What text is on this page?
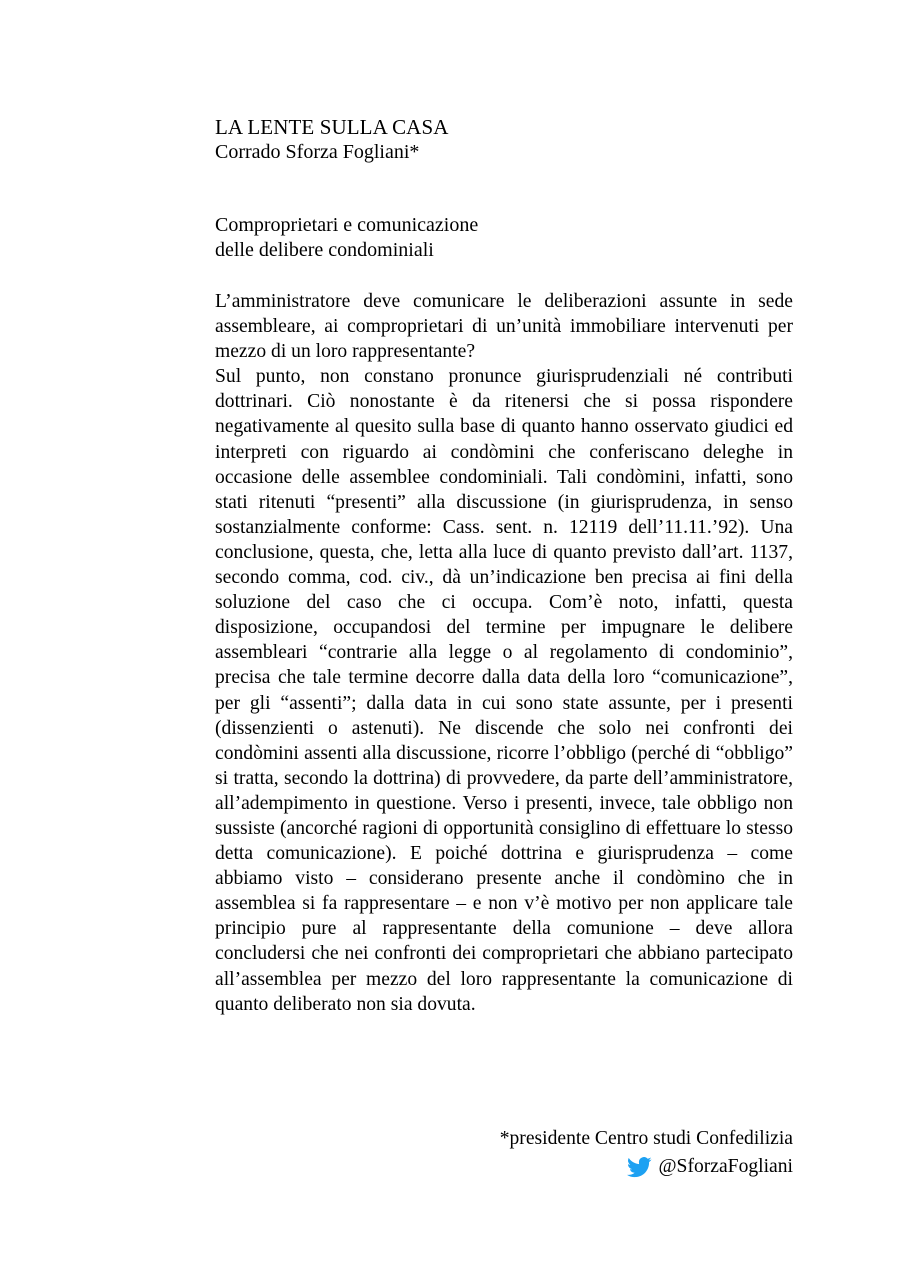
LA LENTE SULLA CASA
Corrado Sforza Fogliani*
Comproprietari e comunicazione
delle delibere condominiali

L’amministratore deve comunicare le deliberazioni assunte in sede assembleare, ai comproprietari di un’unità immobiliare intervenuti per mezzo di un loro rappresentante?

Sul punto, non constano pronunce giurisprudenziali né contributi dottrinari. Ciò nonostante è da ritenersi che si possa rispondere negativamente al quesito sulla base di quanto hanno osservato giudici ed interpreti con riguardo ai condòmini che conferiscano deleghe in occasione delle assemblee condominiali. Tali condòmini, infatti, sono stati ritenuti “presenti” alla discussione (in giurisprudenza, in senso sostanzialmente conforme: Cass. sent. n. 12119 dell’11.11.’92). Una conclusione, questa, che, letta alla luce di quanto previsto dall’art. 1137, secondo comma, cod. civ., dà un’indicazione ben precisa ai fini della soluzione del caso che ci occupa. Com’è noto, infatti, questa disposizione, occupandosi del termine per impugnare le delibere assembleari “contrarie alla legge o al regolamento di condominio”, precisa che tale termine decorre dalla data della loro “comunicazione”, per gli “assenti”; dalla data in cui sono state assunte, per i presenti (dissenzienti o astenuti). Ne discende che solo nei confronti dei condòmini assenti alla discussione, ricorre l’obbligo (perché di “obbligo” si tratta, secondo la dottrina) di provvedere, da parte dell’amministratore, all’adempimento in questione. Verso i presenti, invece, tale obbligo non sussiste (ancorché ragioni di opportunità consiglino di effettuare lo stesso detta comunicazione). E poiché dottrina e giurisprudenza – come abbiamo visto – considerano presente anche il condòmino che in assemblea si fa rappresentare – e non v’è motivo per non applicare tale principio pure al rappresentante della comunione – deve allora concludersi che nei confronti dei comproprietari che abbiano partecipato all’assemblea per mezzo del loro rappresentante la comunicazione di quanto deliberato non sia dovuta.

*presidente Centro studi Confedilizia
@SforzaFogliani
